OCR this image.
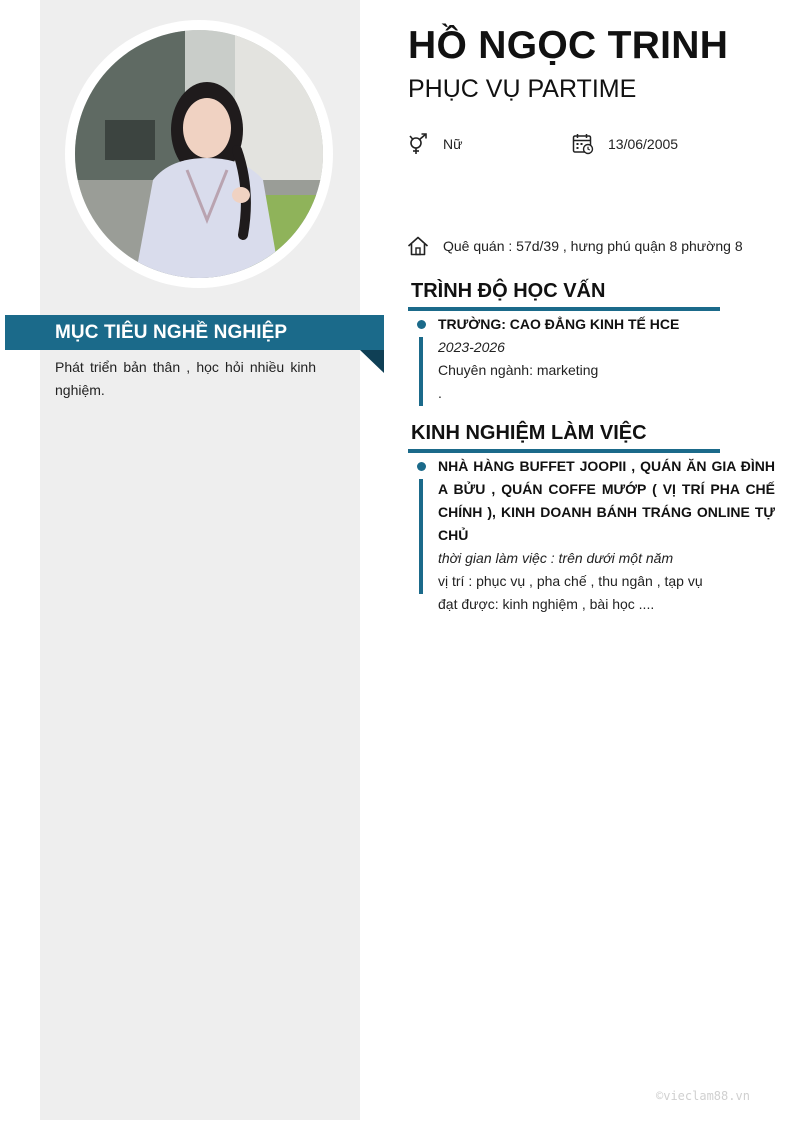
MỤC TIÊU NGHỀ NGHIỆP
Phát triển bản thân , học hỏi nhiều kinh nghiệm.
HỒ NGỌC TRINH
PHỤC VỤ PARTIME
Nữ	13/06/2005
Quê quán : 57d/39 , hưng phú quận 8 phường 8
TRÌNH ĐỘ HỌC VẤN
TRƯỜNG: CAO ĐẲNG KINH TẾ HCE
2023-2026
Chuyên ngành: marketing
.
KINH NGHIỆM LÀM VIỆC
NHÀ HÀNG BUFFET JOOPII , QUÁN ĂN GIA ĐÌNH A BỬU , QUÁN COFFE MƯỚP ( VỊ TRÍ PHA CHẾ CHÍNH ), KINH DOANH BÁNH TRÁNG ONLINE TỰ CHỦ
thời gian làm việc : trên dưới một năm
vị trí : phục vụ , pha chế , thu ngân , tạp vụ
đạt được: kinh nghiệm , bài học ....
©vieclam88.vn
